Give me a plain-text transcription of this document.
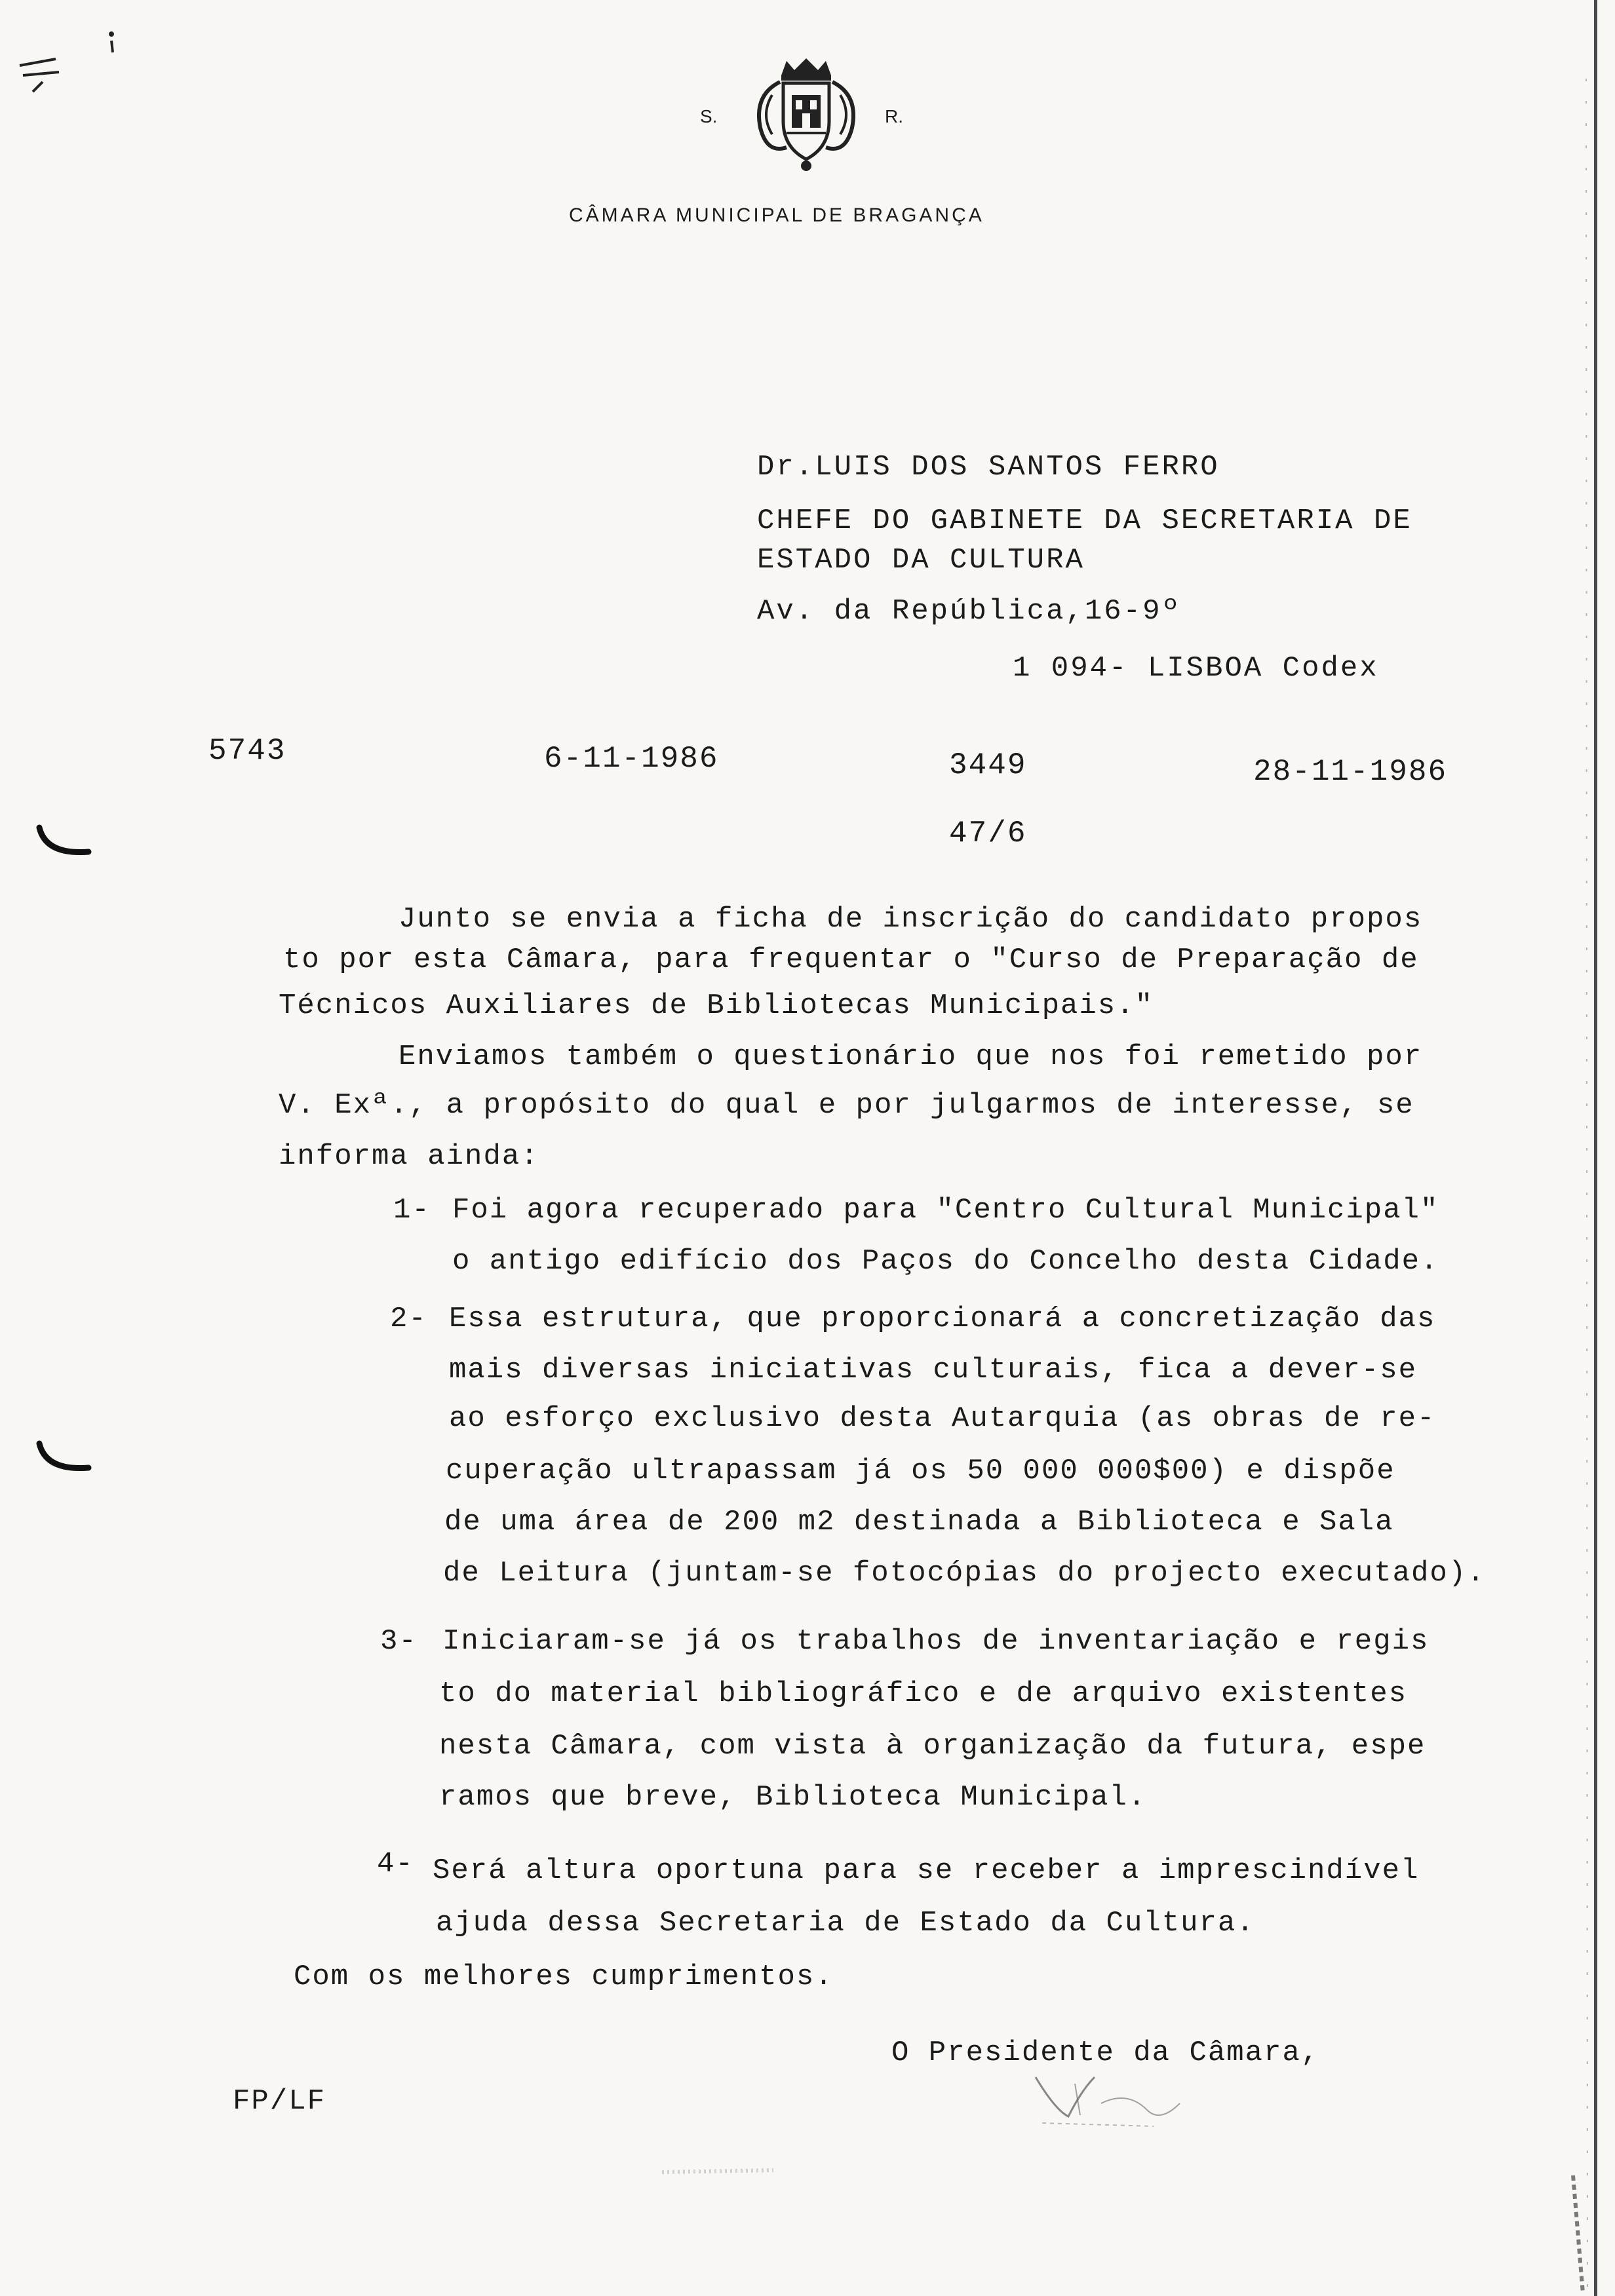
S.	R.
CÂMARA MUNICIPAL DE BRAGANÇA
Dr.LUIS DOS SANTOS FERRO
CHEFE DO GABINETE DA SECRETARIA DE
ESTADO DA CULTURA
Av. da República,16-9º
1 094- LISBOA Codex
5743	6-11-1986	3449
47/6
28-11-1986
Junto se envia a ficha de inscrição do candidato propos
to por esta Câmara, para frequentar o "Curso de Preparação de
Técnicos Auxiliares de Bibliotecas Municipais."
Enviamos também o questionário que nos foi remetido por
V. Exª., a propósito do qual e por julgarmos de interesse, se
informa ainda:
1- Foi agora recuperado para "Centro Cultural Municipal"
o antigo edifício dos Paços do Concelho desta Cidade.
2- Essa estrutura, que proporcionará a concretização das
mais diversas iniciativas culturais, fica a dever-se
ao esforço exclusivo desta Autarquia (as obras de re-
cuperação ultrapassam já os 50 000 000$00) e dispõe
de uma área de 200 m2 destinada a Biblioteca e Sala
de Leitura (juntam-se fotocópias do projecto executado).
3- Iniciaram-se já os trabalhos de inventariação e regis
to do material bibliográfico e de arquivo existentes
nesta Câmara, com vista à organização da futura, espe
ramos que breve, Biblioteca Municipal.
4- Será altura oportuna para se receber a imprescindível
ajuda dessa Secretaria de Estado da Cultura.
Com os melhores cumprimentos.
O Presidente da Câmara,
FP/LF
